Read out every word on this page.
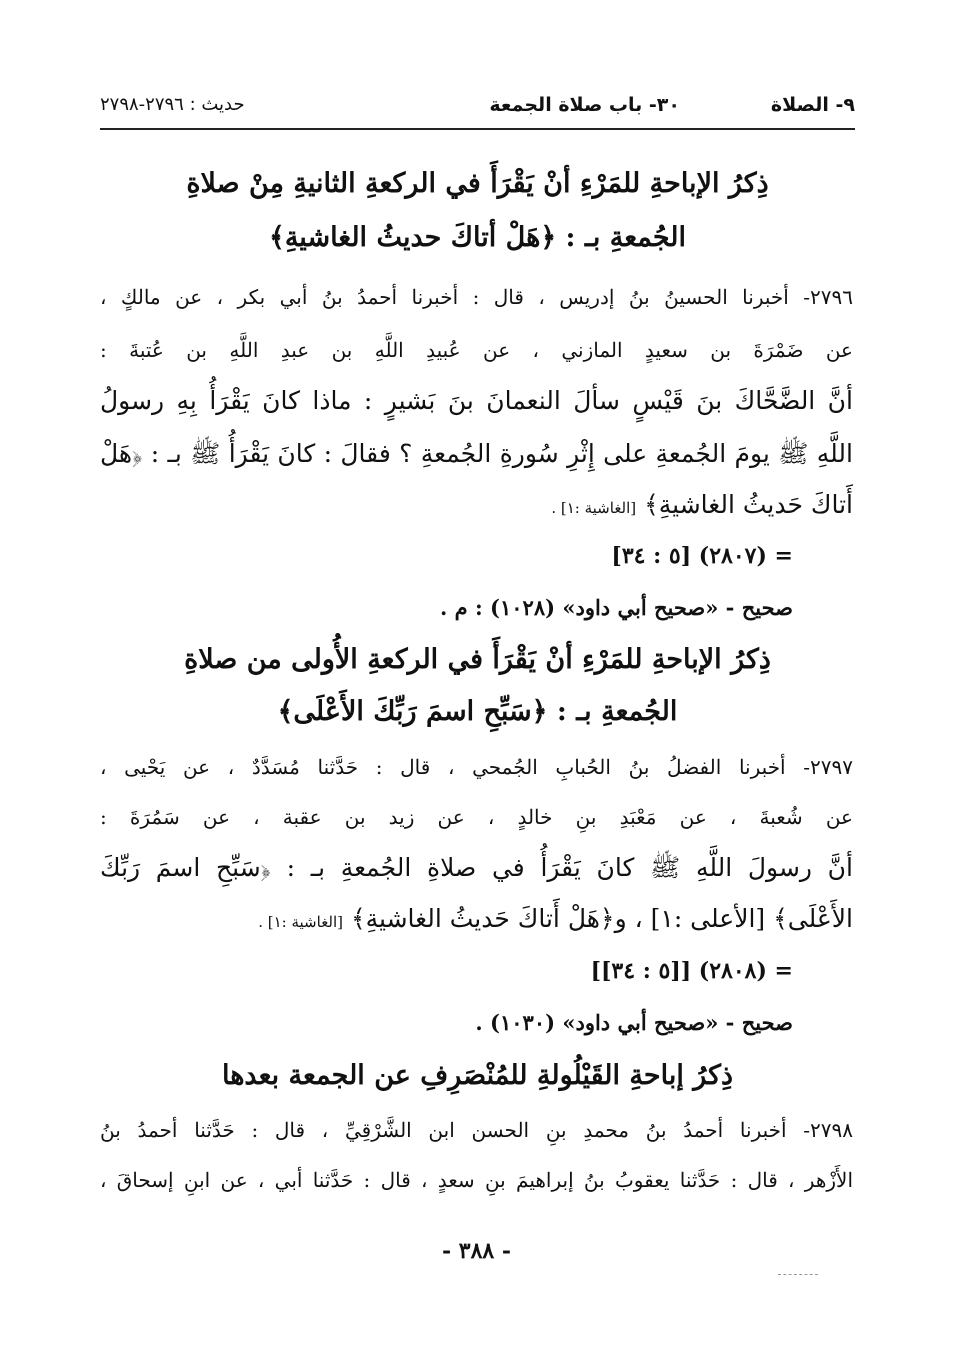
٩- الصلاة
٣٠- باب صلاة الجمعة
حديث : ٢٧٩٦-٢٧٩٨
ذِكرُ الإباحةِ للمَرْءِ أنْ يَقْرَأَ في الركعةِ الثانيةِ مِنْ صلاةِ
الجُمعةِ بـ : ﴿هَلْ أتاكَ حديثُ الغاشيةِ﴾
٢٧٩٦- أخبرنا الحسينُ بنُ إدريس ، قال : أخبرنا أحمدُ بنُ أبي بكر ، عن مالكٍ ،
عن ضَمْرَةَ بن سعيدٍ المازني ، عن عُبيدِ اللَّهِ بن عبدِ اللَّهِ بن عُتبةَ :
أنَّ الضَّحَّاكَ بنَ قَيْسٍ سألَ النعمانَ بنَ بَشيرٍ : ماذا كانَ يَقْرَأُ بِهِ رسولُ
اللَّهِ ﷺ يومَ الجُمعةِ على إِثْرِ سُورةِ الجُمعةِ ؟ فقالَ : كانَ يَقْرَأُ ﷺ بـ : ﴿هَلْ
أَتاكَ حَديثُ الغاشيةِ﴾ [الغاشية :١] .
= (٢٨٠٧) [٥ : ٣٤]
صحيح - «صحيح أبي داود» (١٠٢٨) : م .
ذِكرُ الإباحةِ للمَرْءِ أنْ يَقْرَأَ في الركعةِ الأُولى من صلاةِ
الجُمعةِ بـ : ﴿سَبِّحِ اسمَ رَبِّكَ الأَعْلَى﴾
٢٧٩٧- أخبرنا الفضلُ بنُ الحُبابِ الجُمحي ، قال : حَدَّثنا مُسَدَّدٌ ، عن يَحْيى ،
عن شُعبةَ ، عن مَعْبَدِ بنِ خالدٍ ، عن زيد بن عقبة ، عن سَمُرَةَ :
أنَّ رسولَ اللَّهِ ﷺ كانَ يَقْرَأُ في صلاةِ الجُمعةِ بـ : ﴿سَبِّحِ اسمَ رَبِّكَ
الأَعْلَى﴾ [الأعلى :١] ، و﴿هَلْ أَتاكَ حَديثُ الغاشيةِ﴾ [الغاشية :١] .
= (٢٨٠٨) [[٥ : ٣٤]]
صحيح - «صحيح أبي داود» (١٠٣٠) .
ذِكرُ إباحةِ القَيْلُولةِ للمُنْصَرِفِ عن الجمعة بعدها
٢٧٩٨- أخبرنا أحمدُ بنُ محمدِ بنِ الحسن ابن الشَّرْقِيِّ ، قال : حَدَّثنا أحمدُ بنُ
الأَزْهر ، قال : حَدَّثنا يعقوبُ بنُ إبراهيمَ بنِ سعدٍ ، قال : حَدَّثنا أبي ، عن ابنِ إسحاقَ ،
- ٣٨٨ -
